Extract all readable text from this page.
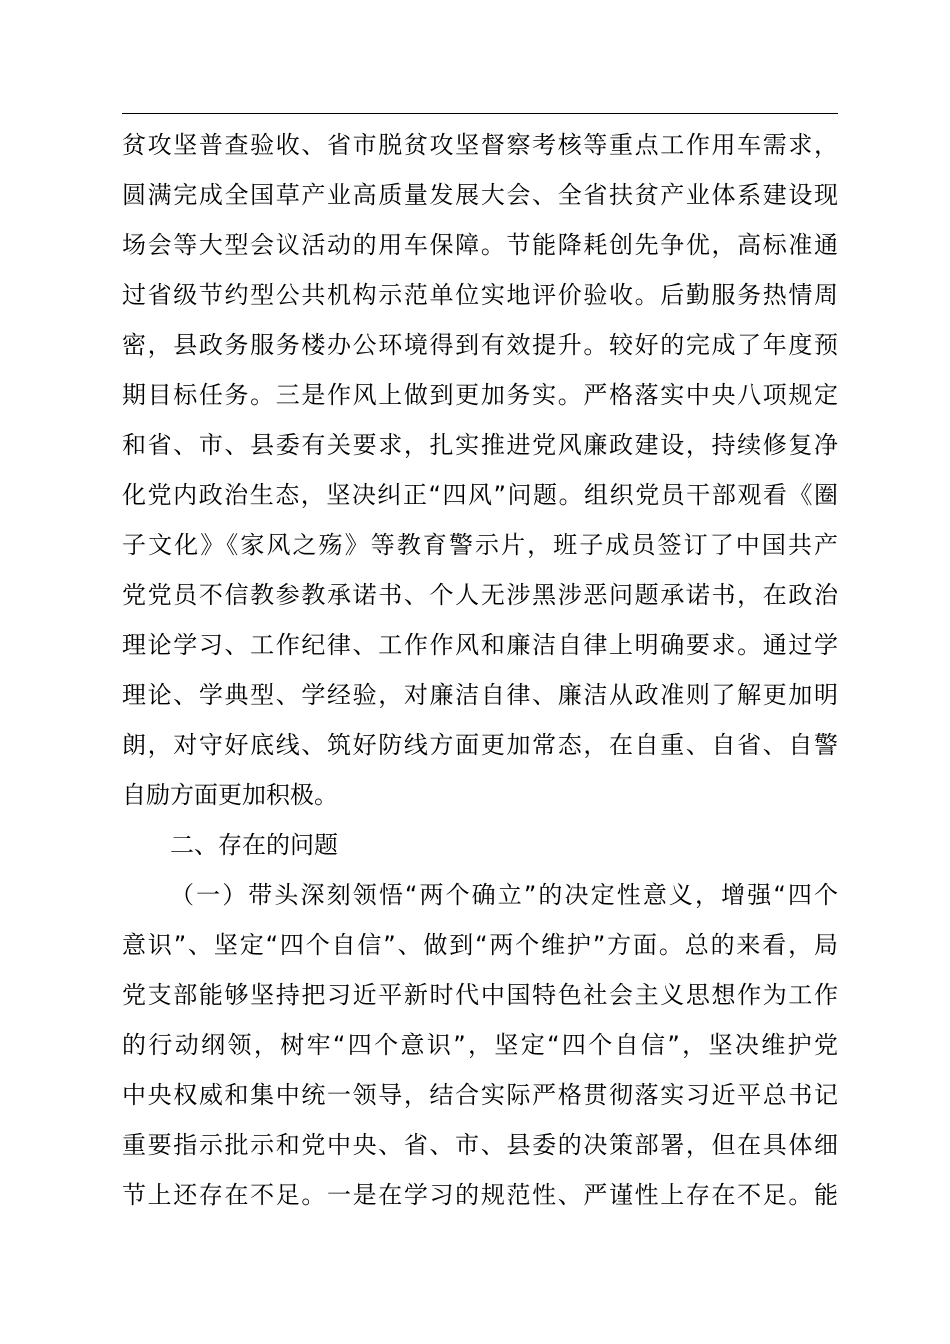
贫攻坚普查验收、省市脱贫攻坚督察考核等重点工作用车需求，
圆满完成全国草产业高质量发展大会、全省扶贫产业体系建设现
场会等大型会议活动的用车保障。节能降耗创先争优，高标准通
过省级节约型公共机构示范单位实地评价验收。后勤服务热情周
密，县政务服务楼办公环境得到有效提升。较好的完成了年度预
期目标任务。三是作风上做到更加务实。严格落实中央八项规定
和省、市、县委有关要求，扎实推进党风廉政建设，持续修复净
化党内政治生态，坚决纠正“四风”问题。组织党员干部观看《圈
子文化》《家风之殇》等教育警示片，班子成员签订了中国共产
党党员不信教参教承诺书、个人无涉黑涉恶问题承诺书，在政治
理论学习、工作纪律、工作作风和廉洁自律上明确要求。通过学
理论、学典型、学经验，对廉洁自律、廉洁从政准则了解更加明
朗，对守好底线、筑好防线方面更加常态，在自重、自省、自警
自励方面更加积极。
二、存在的问题
（一）带头深刻领悟“两个确立”的决定性意义，增强“四个
意识”、坚定“四个自信”、做到“两个维护”方面。总的来看，局
党支部能够坚持把习近平新时代中国特色社会主义思想作为工作
的行动纲领，树牢“四个意识”，坚定“四个自信”，坚决维护党
中央权威和集中统一领导，结合实际严格贯彻落实习近平总书记
重要指示批示和党中央、省、市、县委的决策部署，但在具体细
节上还存在不足。一是在学习的规范性、严谨性上存在不足。能
